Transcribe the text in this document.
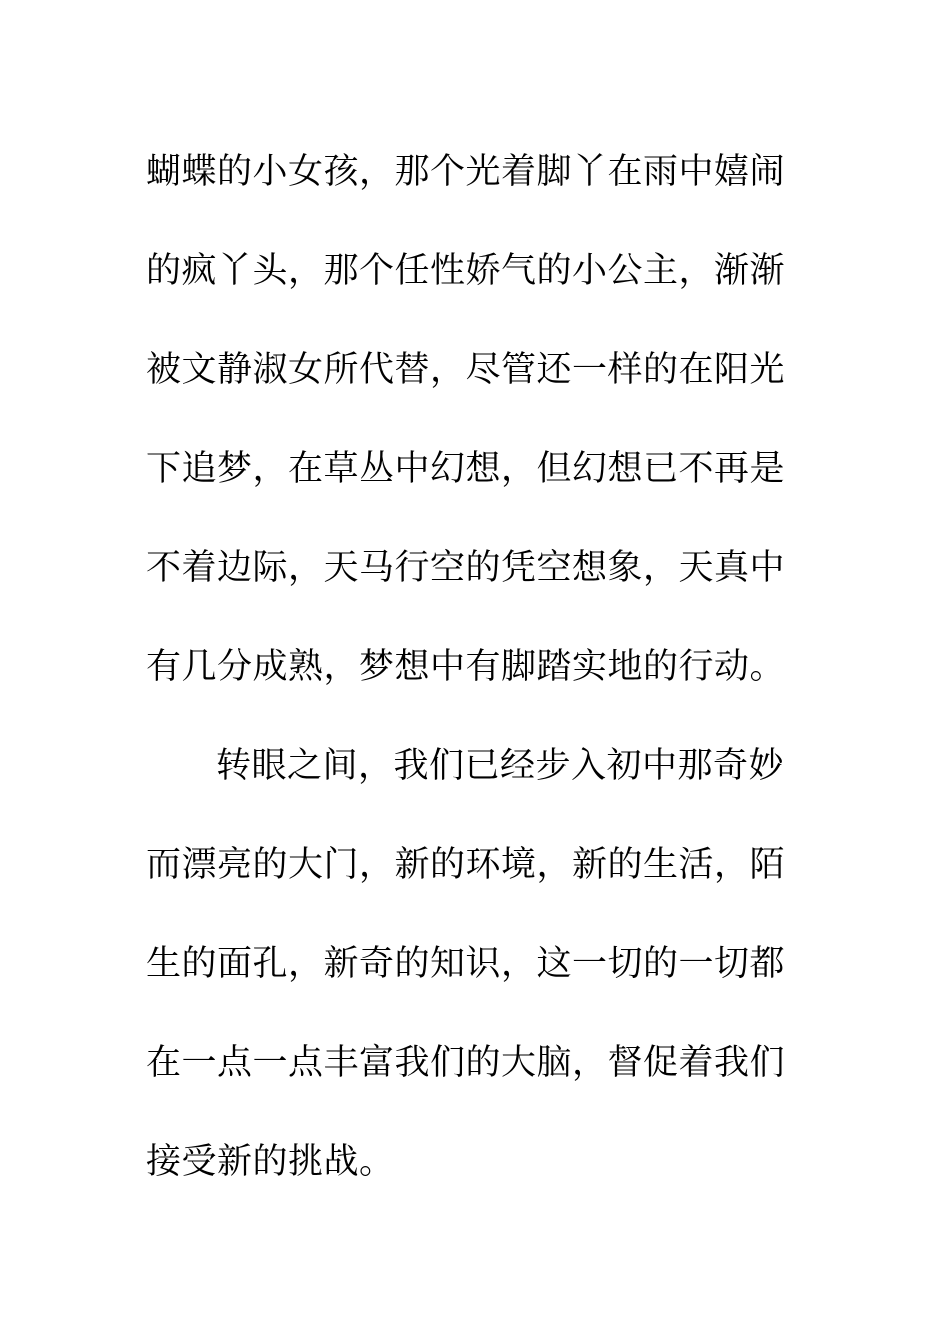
蝴蝶的小女孩，那个光着脚丫在雨中嬉闹
的疯丫头，那个任性娇气的小公主，渐渐
被文静淑女所代替，尽管还一样的在阳光
下追梦，在草丛中幻想，但幻想已不再是
不着边际，天马行空的凭空想象，天真中
有几分成熟，梦想中有脚踏实地的行动。
转眼之间，我们已经步入初中那奇妙
而漂亮的大门，新的环境，新的生活，陌
生的面孔，新奇的知识，这一切的一切都
在一点一点丰富我们的大脑，督促着我们
接受新的挑战。
